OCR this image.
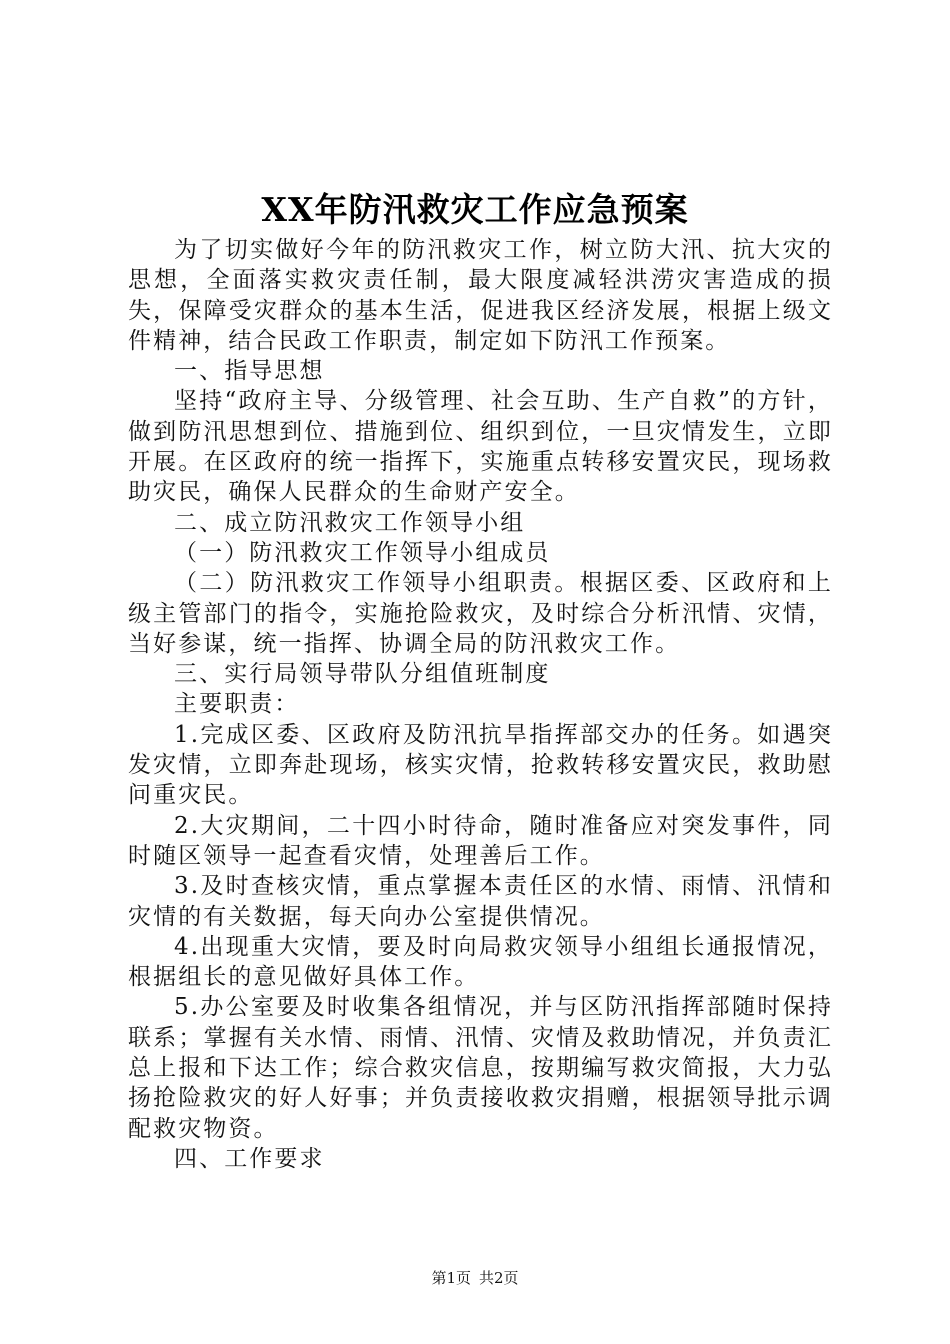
XX年防汛救灾工作应急预案

为了切实做好今年的防汛救灾工作，树立防大汛、抗大灾的思想，全面落实救灾责任制，最大限度减轻洪涝灾害造成的损失，保障受灾群众的基本生活，促进我区经济发展，根据上级文件精神，结合民政工作职责，制定如下防汛工作预案。

一、指导思想

坚持“政府主导、分级管理、社会互助、生产自救”的方针，做到防汛思想到位、措施到位、组织到位，一旦灾情发生，立即开展。在区政府的统一指挥下，实施重点转移安置灾民，现场救助灾民，确保人民群众的生命财产安全。

二、成立防汛救灾工作领导小组

（一）防汛救灾工作领导小组成员

（二）防汛救灾工作领导小组职责。根据区委、区政府和上级主管部门的指令，实施抢险救灾，及时综合分析汛情、灾情，当好参谋，统一指挥、协调全局的防汛救灾工作。

三、实行局领导带队分组值班制度

主要职责：

1.完成区委、区政府及防汛抗旱指挥部交办的任务。如遇突发灾情，立即奔赴现场，核实灾情，抢救转移安置灾民，救助慰问重灾民。

2.大灾期间，二十四小时待命，随时准备应对突发事件，同时随区领导一起查看灾情，处理善后工作。

3.及时查核灾情，重点掌握本责任区的水情、雨情、汛情和灾情的有关数据，每天向办公室提供情况。

4.出现重大灾情，要及时向局救灾领导小组组长通报情况，根据组长的意见做好具体工作。

5.办公室要及时收集各组情况，并与区防汛指挥部随时保持联系；掌握有关水情、雨情、汛情、灾情及救助情况，并负责汇总上报和下达工作；综合救灾信息，按期编写救灾简报，大力弘扬抢险救灾的好人好事；并负责接收救灾捐赠，根据领导批示调配救灾物资。

四、工作要求

第1页 共2页
